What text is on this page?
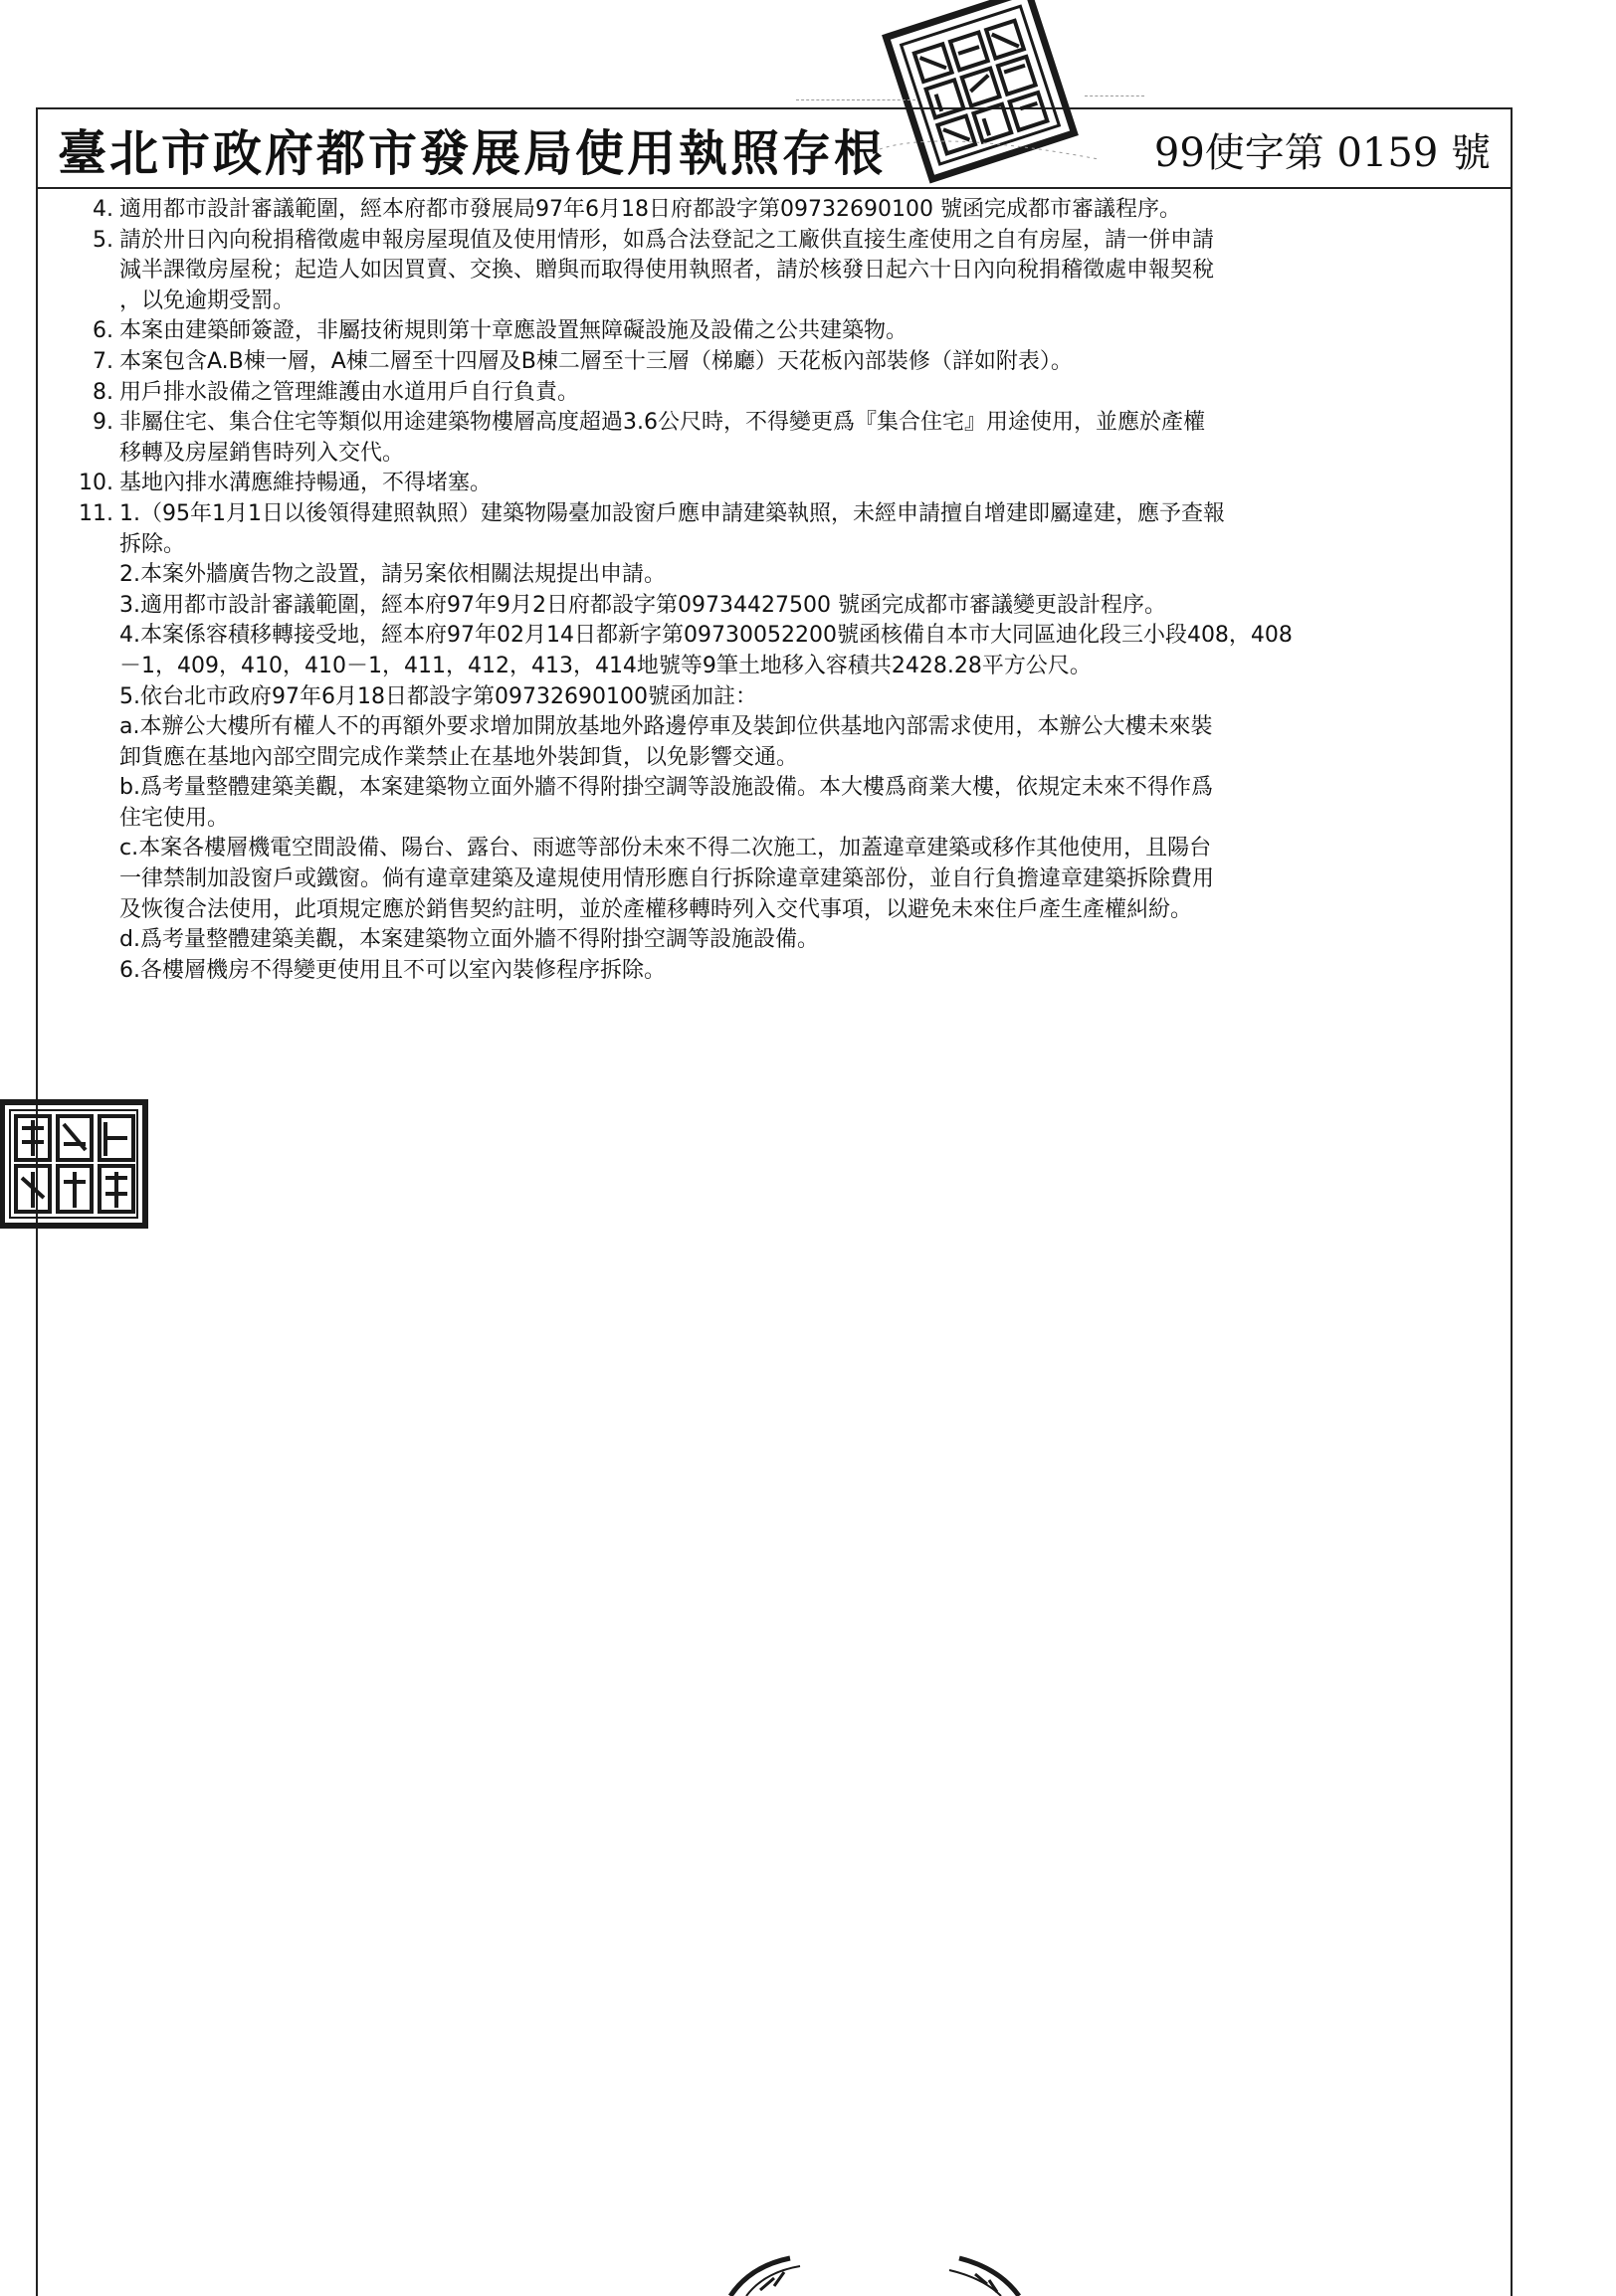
臺北市政府都市發展局使用執照存根	99使字第 0159 號
4. 適用都市設計審議範圍，經本府都市發展局97年6月18日府都設字第09732690100 號函完成都市審議程序。
5. 請於卅日內向稅捐稽徵處申報房屋現值及使用情形，如爲合法登記之工廠供直接生產使用之自有房屋，請一併申請
減半課徵房屋稅；起造人如因買賣、交換、贈與而取得使用執照者，請於核發日起六十日內向稅捐稽徵處申報契稅
，以免逾期受罰。
6. 本案由建築師簽證，非屬技術規則第十章應設置無障礙設施及設備之公共建築物。
7. 本案包含A.B棟一層，A棟二層至十四層及B棟二層至十三層（梯廳）天花板內部裝修（詳如附表）。
8. 用戶排水設備之管理維護由水道用戶自行負責。
9. 非屬住宅、集合住宅等類似用途建築物樓層高度超過3.6公尺時，不得變更爲『集合住宅』用途使用，並應於產權
移轉及房屋銷售時列入交代。
10. 基地內排水溝應維持暢通，不得堵塞。
11. 1.（95年1月1日以後領得建照執照）建築物陽臺加設窗戶應申請建築執照，未經申請擅自增建即屬違建，應予查報
拆除。
2.本案外牆廣告物之設置，請另案依相關法規提出申請。
3.適用都市設計審議範圍，經本府97年9月2日府都設字第09734427500 號函完成都市審議變更設計程序。
4.本案係容積移轉接受地，經本府97年02月14日都新字第09730052200號函核備自本市大同區迪化段三小段408，408
－1，409，410，410－1，411，412，413，414地號等9筆土地移入容積共2428.28平方公尺。
5.依台北市政府97年6月18日都設字第09732690100號函加註：
a.本辦公大樓所有權人不的再額外要求增加開放基地外路邊停車及裝卸位供基地內部需求使用，本辦公大樓未來裝
卸貨應在基地內部空間完成作業禁止在基地外裝卸貨，以免影響交通。
b.爲考量整體建築美觀，本案建築物立面外牆不得附掛空調等設施設備。本大樓爲商業大樓，依規定未來不得作爲
住宅使用。
c.本案各樓層機電空間設備、陽台、露台、雨遮等部份未來不得二次施工，加蓋違章建築或移作其他使用，且陽台
一律禁制加設窗戶或鐵窗。倘有違章建築及違規使用情形應自行拆除違章建築部份，並自行負擔違章建築拆除費用
及恢復合法使用，此項規定應於銷售契約註明，並於產權移轉時列入交代事項，以避免未來住戶產生產權糾紛。
d.爲考量整體建築美觀，本案建築物立面外牆不得附掛空調等設施設備。
6.各樓層機房不得變更使用且不可以室內裝修程序拆除。
